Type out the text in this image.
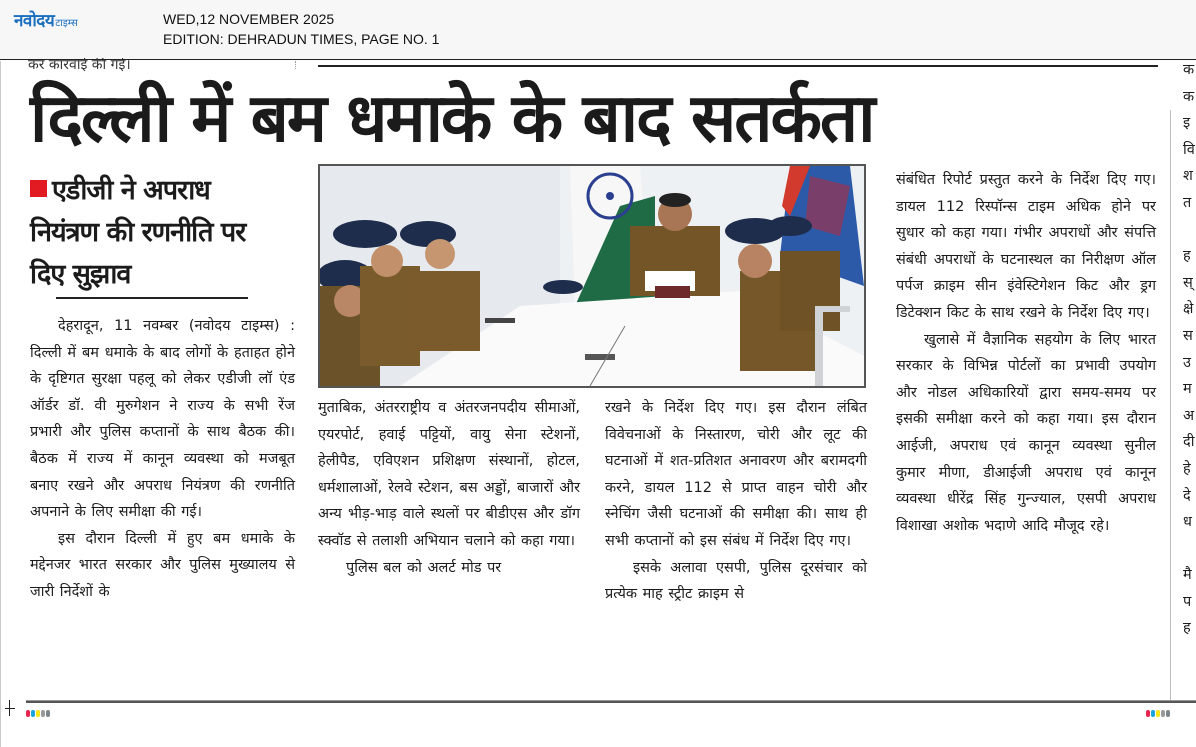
नवोदय टाइम्स	WED,12 NOVEMBER 2025
EDITION: DEHRADUN TIMES, PAGE NO. 1
कर कारवाई की गई।
दिल्ली में बम धमाके के बाद सतर्कता
एडीजी ने अपराध नियंत्रण की रणनीति पर दिए सुझाव

देहरादून, 11 नवम्बर (नवोदय टाइम्स) : दिल्ली में बम धमाके के बाद लोगों के हताहत होने के दृष्टिगत सुरक्षा पहलू को लेकर एडीजी लॉ एंड ऑर्डर डॉ. वी मुरुगेशन ने राज्य के सभी रेंज प्रभारी और पुलिस कप्तानों के साथ बैठक की। बैठक में राज्य में कानून व्यवस्था को मजबूत बनाए रखने और अपराध नियंत्रण की रणनीति अपनाने के लिए समीक्षा की गई।

इस दौरान दिल्ली में हुए बम धमाके के मद्देनजर भारत सरकार और पुलिस मुख्यालय से जारी निर्देशों के

मुताबिक, अंतरराष्ट्रीय व अंतरजनपदीय सीमाओं, एयरपोर्ट, हवाई पट्टियों, वायु सेना स्टेशनों, हेलीपैड, एविएशन प्रशिक्षण संस्थानों, होटल, धर्मशालाओं, रेलवे स्टेशन, बस अड्डों, बाजारों और अन्य भीड़-भाड़ वाले स्थलों पर बीडीएस और डॉग स्क्वॉड से तलाशी अभियान चलाने को कहा गया।

पुलिस बल को अलर्ट मोड पर

रखने के निर्देश दिए गए। इस दौरान लंबित विवेचनाओं के निस्तारण, चोरी और लूट की घटनाओं में शत-प्रतिशत अनावरण और बरामदगी करने, डायल 112 से प्राप्त वाहन चोरी और स्नेचिंग जैसी घटनाओं की समीक्षा की। साथ ही सभी कप्तानों को इस संबंध में निर्देश दिए गए।

इसके अलावा एसपी, पुलिस दूरसंचार को प्रत्येक माह स्ट्रीट क्राइम से

संबंधित रिपोर्ट प्रस्तुत करने के निर्देश दिए गए। डायल 112 रिस्पॉन्स टाइम अधिक होने पर सुधार को कहा गया। गंभीर अपराधों और संपत्ति संबंधी अपराधों के घटनास्थल का निरीक्षण ऑल पर्पज क्राइम सीन इंवेस्टिगेशन किट और ड्रग डिटेक्शन किट के साथ रखने के निर्देश दिए गए।

खुलासे में वैज्ञानिक सहयोग के लिए भारत सरकार के विभिन्न पोर्टलों का प्रभावी उपयोग और नोडल अधिकारियों द्वारा समय-समय पर इसकी समीक्षा करने को कहा गया। इस दौरान आईजी, अपराध एवं कानून व्यवस्था सुनील कुमार मीणा, डीआईजी अपराध एवं कानून व्यवस्था धीरेंद्र सिंह गुन्ज्याल, एसपी अपराध विशाखा अशोक भदाणे आदि मौजूद रहे।

क
क
इ
वि
श
त

ह
स्
क्षे
स
उ
म
अ
दी
हे
दे
ध

मै
प
ह
